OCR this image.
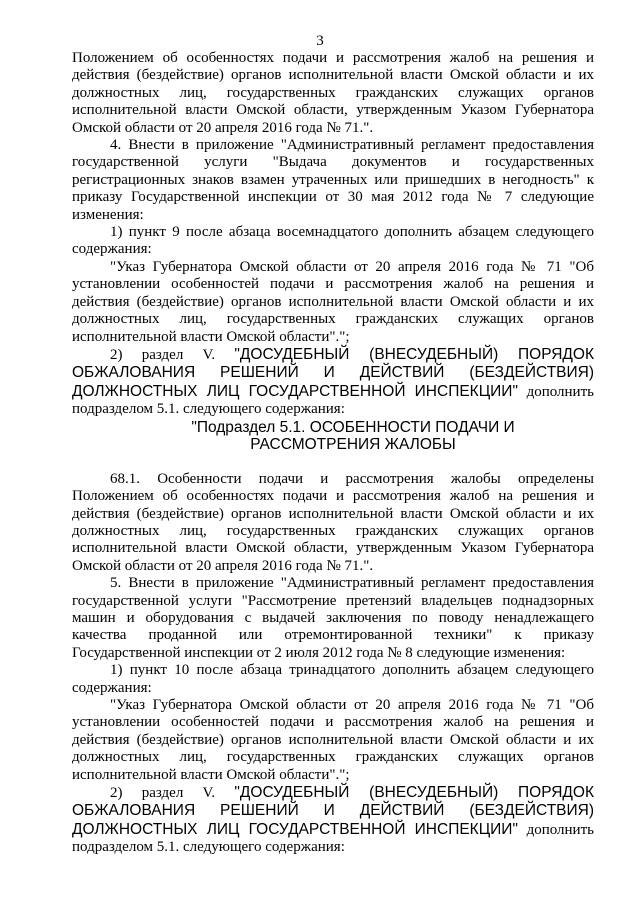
3

Положением об особенностях подачи и рассмотрения жалоб на решения и действия (бездействие) органов исполнительной власти Омской области и их должностных лиц, государственных гражданских служащих органов исполнительной власти Омской области, утвержденным Указом Губернатора Омской области от 20 апреля 2016 года № 71.".

4. Внести в приложение "Административный регламент предоставления государственной услуги "Выдача документов и государственных регистрационных знаков взамен утраченных или пришедших в негодность" к приказу Государственной инспекции от 30 мая 2012 года № 7 следующие изменения:

1) пункт 9 после абзаца восемнадцатого дополнить абзацем следующего содержания:

"Указ Губернатора Омской области от 20 апреля 2016 года № 71 "Об установлении особенностей подачи и рассмотрения жалоб на решения и действия (бездействие) органов исполнительной власти Омской области и их должностных лиц, государственных гражданских служащих органов исполнительной власти Омской области".";

2) раздел V. "ДОСУДЕБНЫЙ (ВНЕСУДЕБНЫЙ) ПОРЯДОК ОБЖАЛОВАНИЯ РЕШЕНИЙ И ДЕЙСТВИЙ (БЕЗДЕЙСТВИЯ) ДОЛЖНОСТНЫХ ЛИЦ ГОСУДАРСТВЕННОЙ ИНСПЕКЦИИ" дополнить подразделом 5.1. следующего содержания:

"Подраздел 5.1. ОСОБЕННОСТИ ПОДАЧИ И
РАССМОТРЕНИЯ ЖАЛОБЫ

68.1. Особенности подачи и рассмотрения жалобы определены Положением об особенностях подачи и рассмотрения жалоб на решения и действия (бездействие) органов исполнительной власти Омской области и их должностных лиц, государственных гражданских служащих органов исполнительной власти Омской области, утвержденным Указом Губернатора Омской области от 20 апреля 2016 года № 71.".

5. Внести в приложение "Административный регламент предоставления государственной услуги "Рассмотрение претензий владельцев поднадзорных машин и оборудования с выдачей заключения по поводу ненадлежащего качества проданной или отремонтированной техники" к приказу Государственной инспекции от 2 июля 2012 года № 8 следующие изменения:

1) пункт 10 после абзаца тринадцатого дополнить абзацем следующего содержания:

"Указ Губернатора Омской области от 20 апреля 2016 года № 71 "Об установлении особенностей подачи и рассмотрения жалоб на решения и действия (бездействие) органов исполнительной власти Омской области и их должностных лиц, государственных гражданских служащих органов исполнительной власти Омской области".";

2) раздел V. "ДОСУДЕБНЫЙ (ВНЕСУДЕБНЫЙ) ПОРЯДОК ОБЖАЛОВАНИЯ РЕШЕНИЙ И ДЕЙСТВИЙ (БЕЗДЕЙСТВИЯ) ДОЛЖНОСТНЫХ ЛИЦ ГОСУДАРСТВЕННОЙ ИНСПЕКЦИИ" дополнить подразделом 5.1. следующего содержания:
